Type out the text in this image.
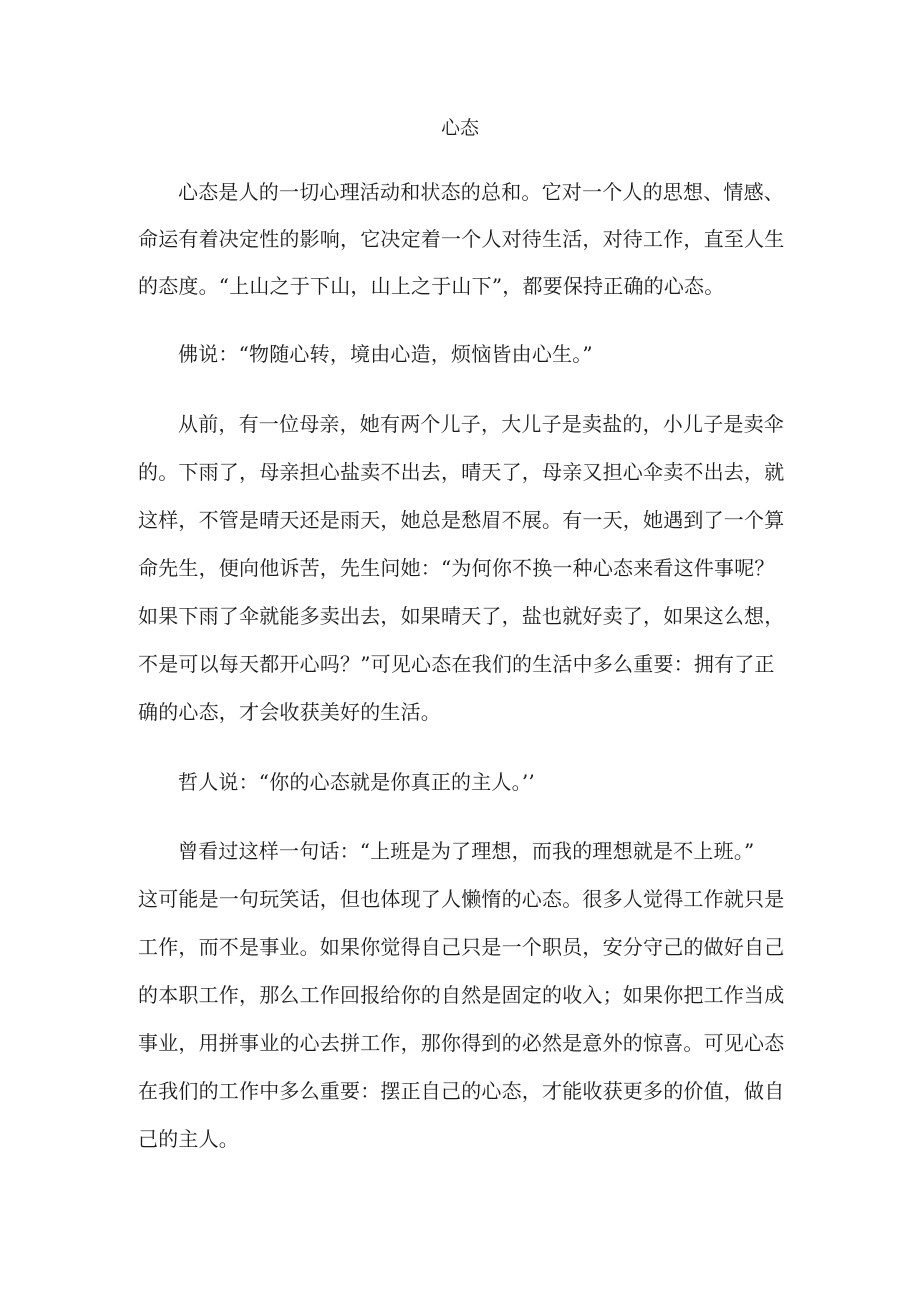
心态

心态是人的一切心理活动和状态的总和。它对一个人的思想、情感、

命运有着决定性的影响，它决定着一个人对待生活，对待工作，直至人生

的态度。“上山之于下山，山上之于山下”，都要保持正确的心态。

佛说：“物随心转，境由心造，烦恼皆由心生。”

从前，有一位母亲，她有两个儿子，大儿子是卖盐的，小儿子是卖伞

的。下雨了，母亲担心盐卖不出去，晴天了，母亲又担心伞卖不出去，就

这样，不管是晴天还是雨天，她总是愁眉不展。有一天，她遇到了一个算

命先生，便向他诉苦，先生问她：“为何你不换一种心态来看这件事呢？

如果下雨了伞就能多卖出去，如果晴天了，盐也就好卖了，如果这么想，

不是可以每天都开心吗？”可见心态在我们的生活中多么重要：拥有了正

确的心态，才会收获美好的生活。

哲人说：“你的心态就是你真正的主人。’’

曾看过这样一句话：“上班是为了理想，而我的理想就是不上班。”

这可能是一句玩笑话，但也体现了人懒惰的心态。很多人觉得工作就只是

工作，而不是事业。如果你觉得自己只是一个职员，安分守己的做好自己

的本职工作，那么工作回报给你的自然是固定的收入；如果你把工作当成

事业，用拼事业的心去拼工作，那你得到的必然是意外的惊喜。可见心态

在我们的工作中多么重要：摆正自己的心态，才能收获更多的价值，做自

己的主人。
